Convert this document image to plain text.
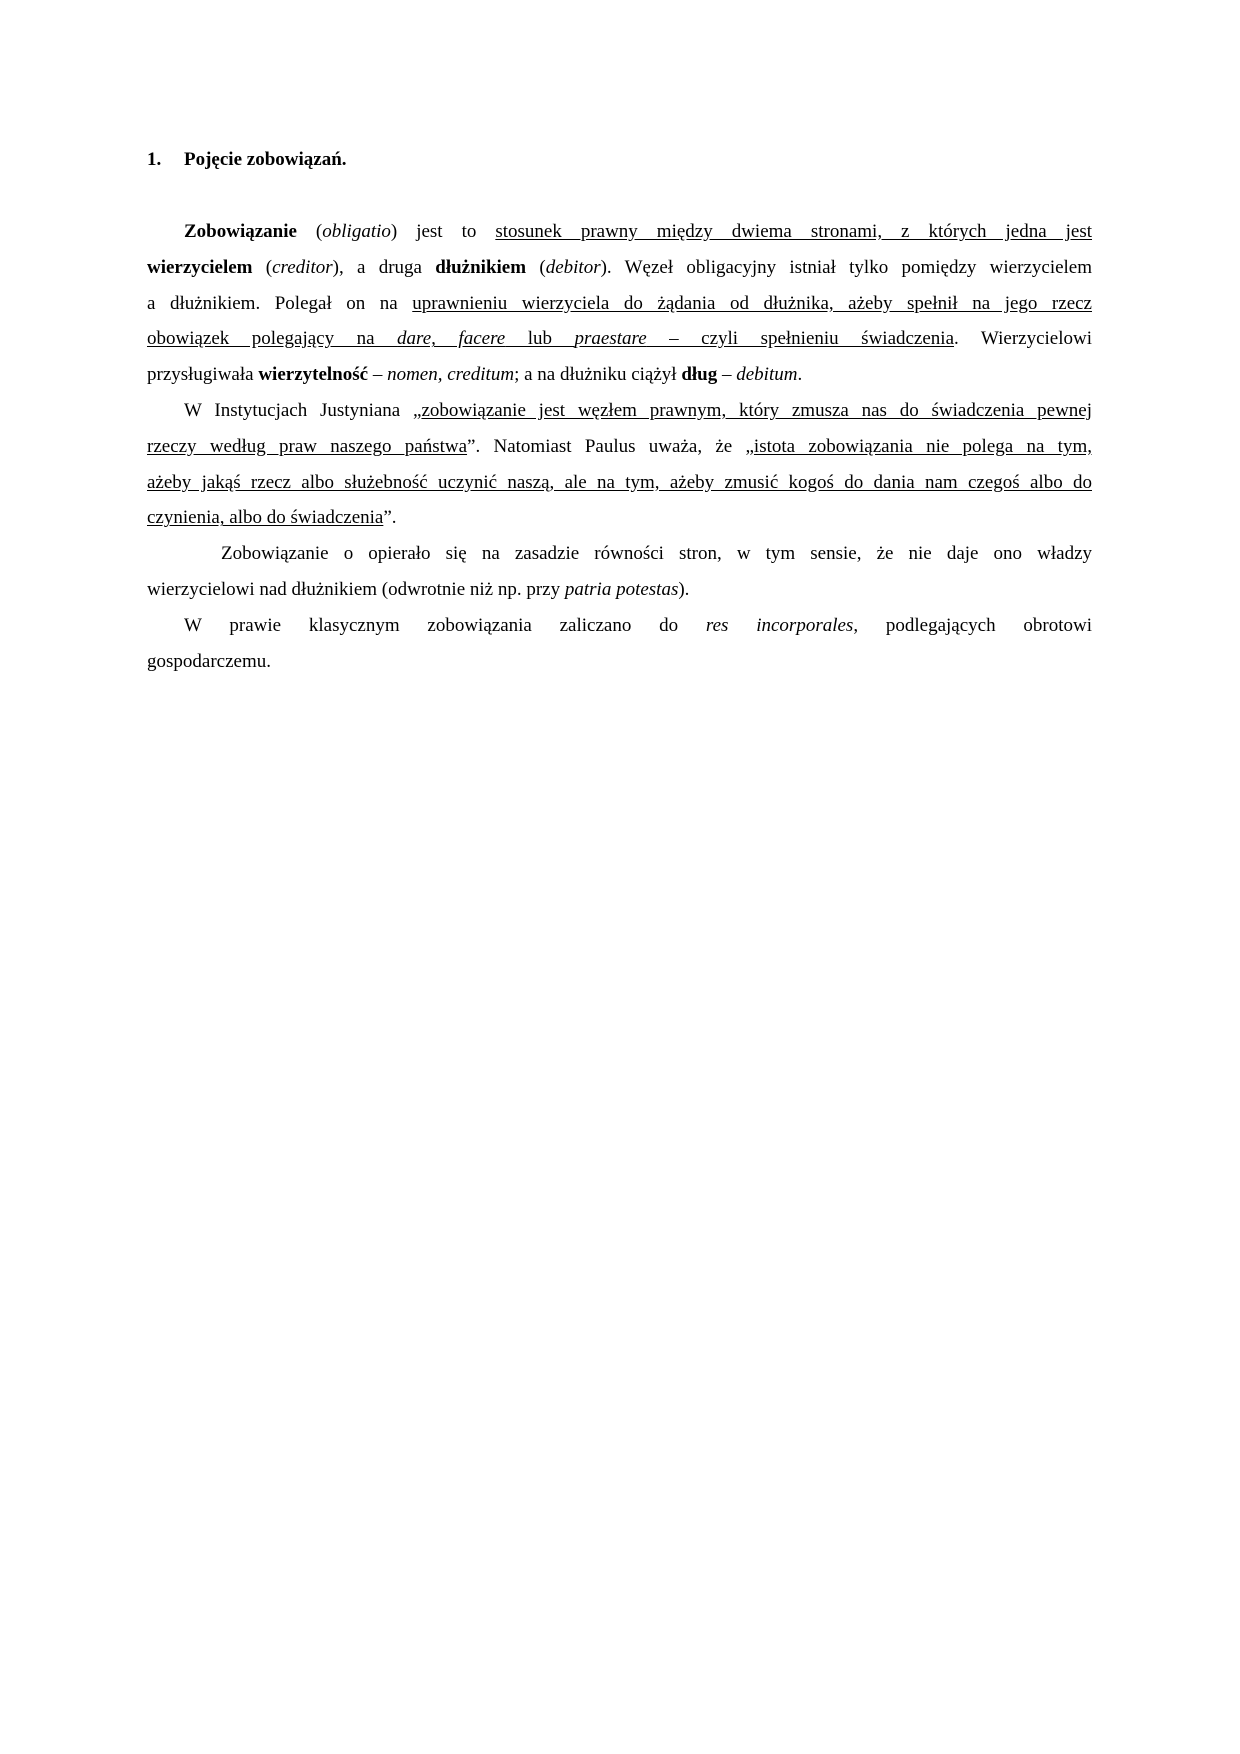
1. Pojęcie zobowiązań.
Zobowiązanie (obligatio) jest to stosunek prawny między dwiema stronami, z których jedna jest
wierzycielem (creditor), a druga dłużnikiem (debitor). Węzeł obligacyjny istniał tylko pomiędzy wierzycielem
a dłużnikiem. Polegał on na uprawnieniu wierzyciela do żądania od dłużnika, ażeby spełnił na jego rzecz
obowiązek polegający na dare, facere lub praestare – czyli spełnieniu świadczenia. Wierzycielowi
przysługiwała wierzytelność – nomen, creditum; a na dłużniku ciążył dług – debitum.
W Instytucjach Justyniana „zobowiązanie jest węzłem prawnym, który zmusza nas do świadczenia pewnej
rzeczy według praw naszego państwa”. Natomiast Paulus uważa, że „istota zobowiązania nie polega na tym,
ażeby jakąś rzecz albo służebność uczynić naszą, ale na tym, ażeby zmusić kogoś do dania nam czegoś albo do
czynienia, albo do świadczenia”.
Zobowiązanie o opierało się na zasadzie równości stron, w tym sensie, że nie daje ono władzy
wierzycielowi nad dłużnikiem (odwrotnie niż np. przy patria potestas).
W prawie klasycznym zobowiązania zaliczano do res incorporales, podlegających obrotowi
gospodarczemu.
